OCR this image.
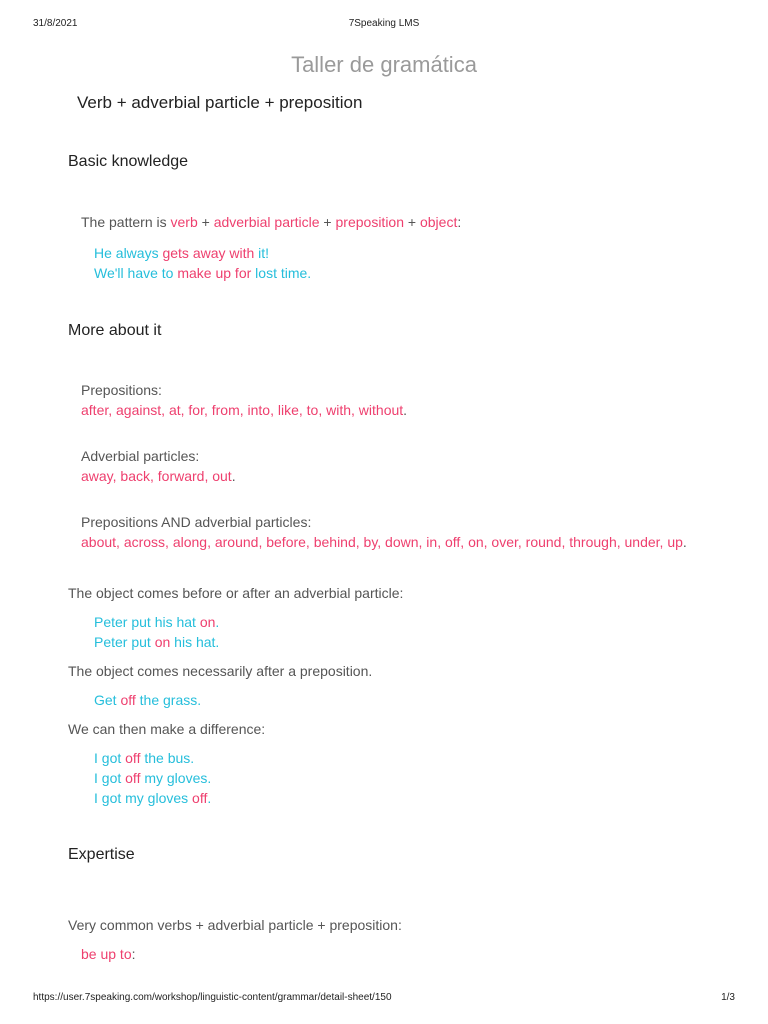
31/8/2021	7Speaking LMS
Taller de gramática
Verb + adverbial particle + preposition
Basic knowledge
The pattern is verb + adverbial particle + preposition + object:
He always gets away with it!
We'll have to make up for lost time.
More about it
Prepositions:
after, against, at, for, from, into, like, to, with, without.
Adverbial particles:
away, back, forward, out.
Prepositions AND adverbial particles:
about, across, along, around, before, behind, by, down, in, off, on, over, round, through, under, up.
The object comes before or after an adverbial particle:
Peter put his hat on.
Peter put on his hat.
The object comes necessarily after a preposition.
Get off the grass.
We can then make a difference:
I got off the bus.
I got off my gloves.
I got my gloves off.
Expertise
Very common verbs + adverbial particle + preposition:
be up to:
https://user.7speaking.com/workshop/linguistic-content/grammar/detail-sheet/150	1/3
